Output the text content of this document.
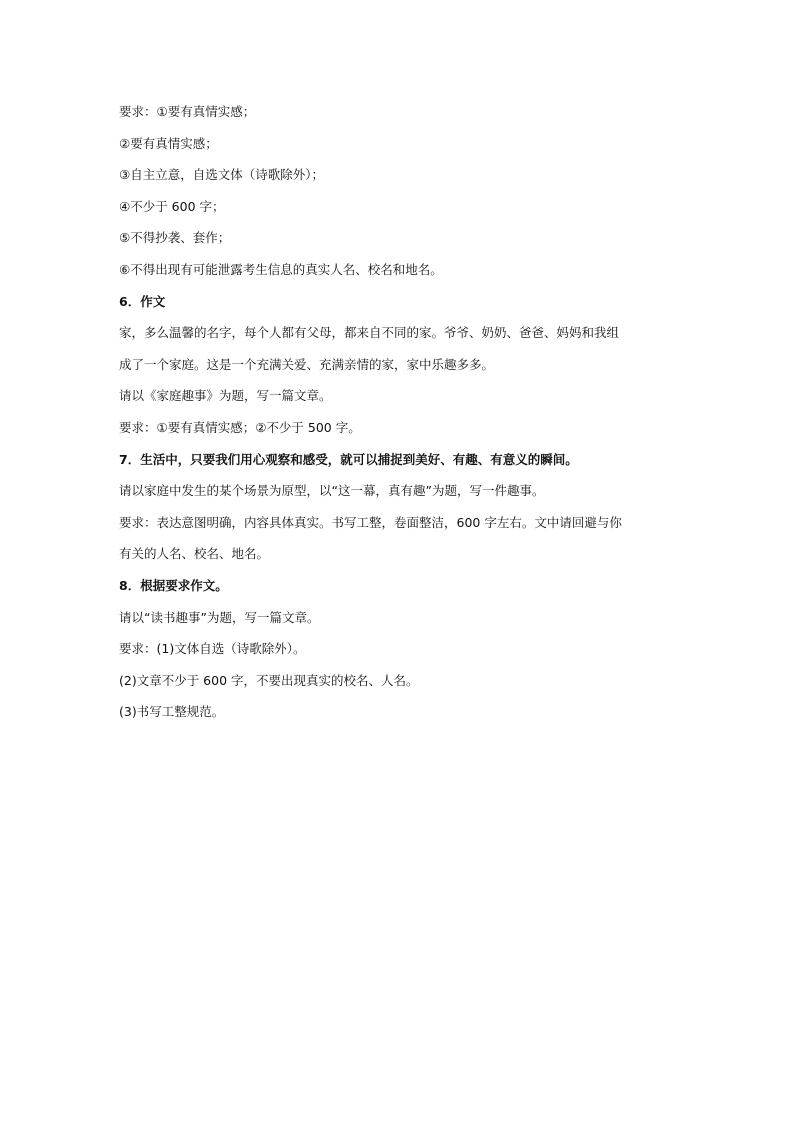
要求：①要有真情实感；
②要有真情实感；
③自主立意，自选文体（诗歌除外）；
④不少于 600 字；
⑤不得抄袭、套作；
⑥不得出现有可能泄露考生信息的真实人名、校名和地名。
6．作文
家，多么温馨的名字，每个人都有父母，都来自不同的家。爷爷、奶奶、爸爸、妈妈和我组
成了一个家庭。这是一个充满关爱、充满亲情的家，家中乐趣多多。
请以《家庭趣事》为题，写一篇文章。
要求：①要有真情实感；②不少于 500 字。
7．生活中，只要我们用心观察和感受，就可以捕捉到美好、有趣、有意义的瞬间。
请以家庭中发生的某个场景为原型，以“这一幕，真有趣”为题，写一件趣事。
要求：表达意图明确，内容具体真实。书写工整，卷面整洁，600 字左右。文中请回避与你
有关的人名、校名、地名。
8．根据要求作文。
请以“读书趣事”为题，写一篇文章。
要求：(1)文体自选（诗歌除外）。
(2)文章不少于 600 字，不要出现真实的校名、人名。
(3)书写工整规范。
